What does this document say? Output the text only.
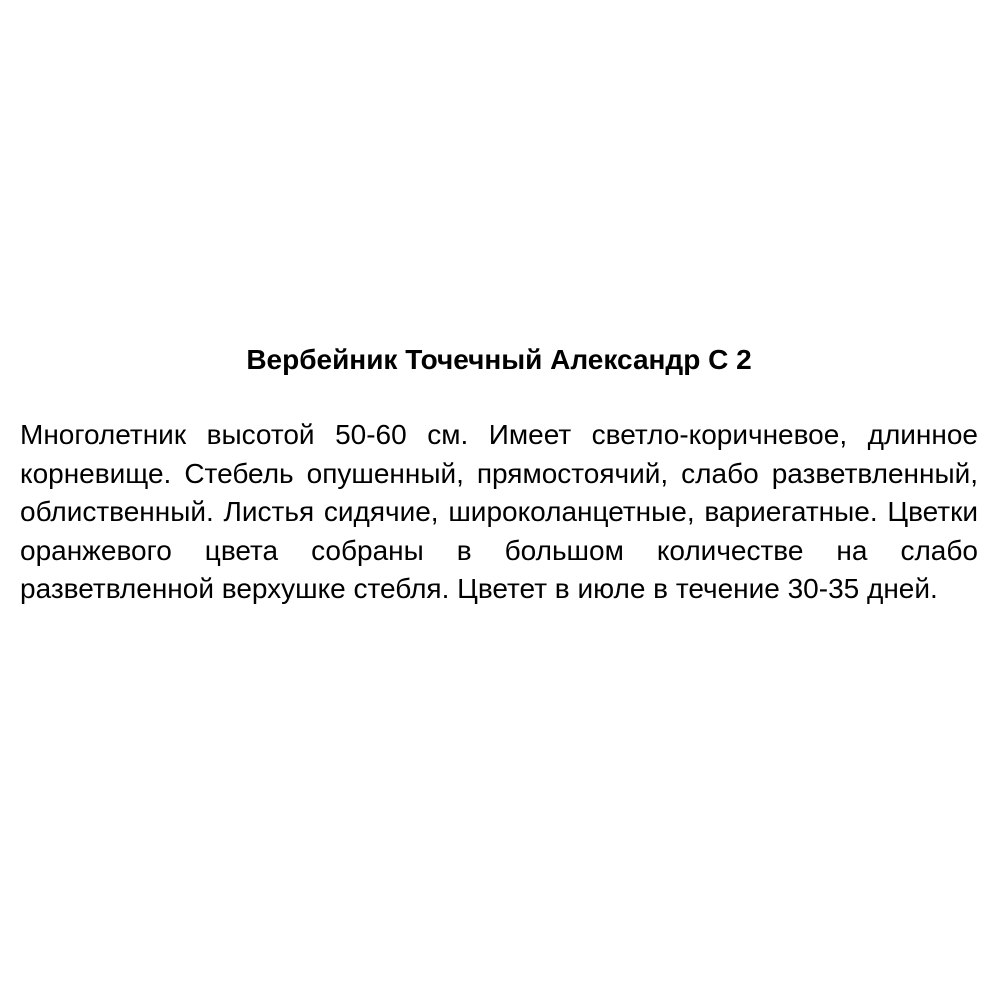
Вербейник Точечный Александр С 2

Многолетник высотой 50-60 см. Имеет светло-коричневое, длинное корневище. Стебель опушенный, прямостоячий, слабо разветвленный, облиственный. Листья сидячие, широколанцетные, вариегатные. Цветки оранжевого цвета собраны в большом количестве на слабо разветвленной верхушке стебля. Цветет в июле в течение 30-35 дней.
